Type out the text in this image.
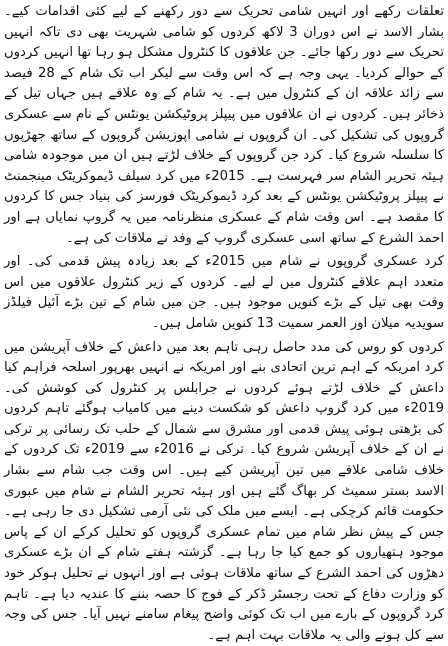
تعلقات رکھے اور انہیں شامی تحریک سے دور رکھنے کے لیے کئی اقدامات کیے۔ بشار الاسد نے اس دوران 3 لاکھ کردوں کو شامی شہریت بھی دی تاکہ انہیں تحریک سے دور رکھا جائے۔ جن علاقوں کا کنٹرول مشکل ہو رہا تھا انہیں کردوں کے حوالے کردیا۔ یہی وجہ ہے کہ اس وقت سے لیکر اب تک شام کے 28 فیصد سے زائد علاقہ ان کے کنٹرول میں ہے۔ یہ شام کے وہ علاقے ہیں جہاں تیل کے ذخائر ہیں۔ کردوں نے ان علاقوں میں پیپلز پروٹیکشن یونٹس کے نام سے عسکری گروپوں کی تشکیل کی۔ ان گروپوں نے شامی اپوزیشن گروپوں کے ساتھ جھڑپوں کا سلسلہ شروع کیا۔ کرد جن گروپوں کے خلاف لڑتے ہیں ان میں موجودہ شامی ہیئہ تحریر الشام سر فہرست ہے۔ 2015ء میں کرد سیلف ڈیموکریٹک مینجمنٹ نے پیپلز پروٹیکشن یونٹس کے بعد کرد ڈیموکریٹک فورسز کی بنیاد جس کا کردوں کا مقصد ہے۔ اس وقت شام کے عسکری منظرنامہ میں یہ گروپ نمایاں ہے اور احمد الشرع کے ساتھ اسی عسکری گروپ کے وفد نے ملاقات کی ہے۔

کرد عسکری گروپوں نے شام میں 2015ء کے بعد زیادہ پیش قدمی کی۔ اور متعدد اہم علاقے کنٹرول میں لے لیے۔ کردوں کے زیر کنٹرول علاقوں میں اس وقت بھی تیل کے بڑے کنویں موجود ہیں۔ جن میں شام کے تین بڑے آئیل فیلڈز سویدیہ میلان اور العمر سمیت 13 کنویں شامل ہیں۔

کردوں کو روس کی مدد حاصل رہی تاہم بعد میں داعش کے خلاف آپریشن میں کرد امریکہ کے اہم ترین اتحادی بنے اور امریکہ نے انہیں بھرپور اسلحہ فراہم کیا داعش کے خلاف لڑتے ہوئے کردوں نے جرابلس پر کنٹرول کی کوشش کی۔ 2019ء میں کرد گروپ داعش کو شکست دینے میں کامیاب ہوگئے تاہم کردوں کی بڑھتی ہوئی پیش قدمی اور مشرق سے شمال کے حلب تک رسائی پر ترکی نے ان کے خلاف آپریشن شروع کیا۔ ترکی نے 2016ء سے 2019ء تک کردوں کے خلاف شامی علاقے میں تین آپریشن کیے ہیں۔ اس وقت جب شام سے بشار الاسد بستر سمیٹ کر بھاگ گئے ہیں اور ہیئہ تحریر الشام نے شام میں عبوری حکومت قائم کرچکی ہے۔ ایسے میں ملک کی نئی آرمی تشکیل دی جا رہی ہے۔ جس کے پیش نظر شام میں تمام عسکری گروپوں کو تحلیل کرکے ان کے پاس موجود ہتھیاروں کو جمع کیا جا رہا ہے۔ گزشتہ ہفتے شام کے ان بڑے عسکری دھڑوں کی احمد الشرع کے ساتھ ملاقات ہوئی ہے اور انہوں نے تحلیل ہوکر خود کو وزارت دفاع کے تحت رجسٹر ڈکر کے فوج کا حصہ بننے کا عندیہ دیا ہے۔ تاہم کرد گروپوں کے بارے میں اب تک کوئی واضح پیغام سامنے نہیں آیا۔ جس کی وجہ سے کل ہونے والی یہ ملاقات بہت اہم ہے۔
